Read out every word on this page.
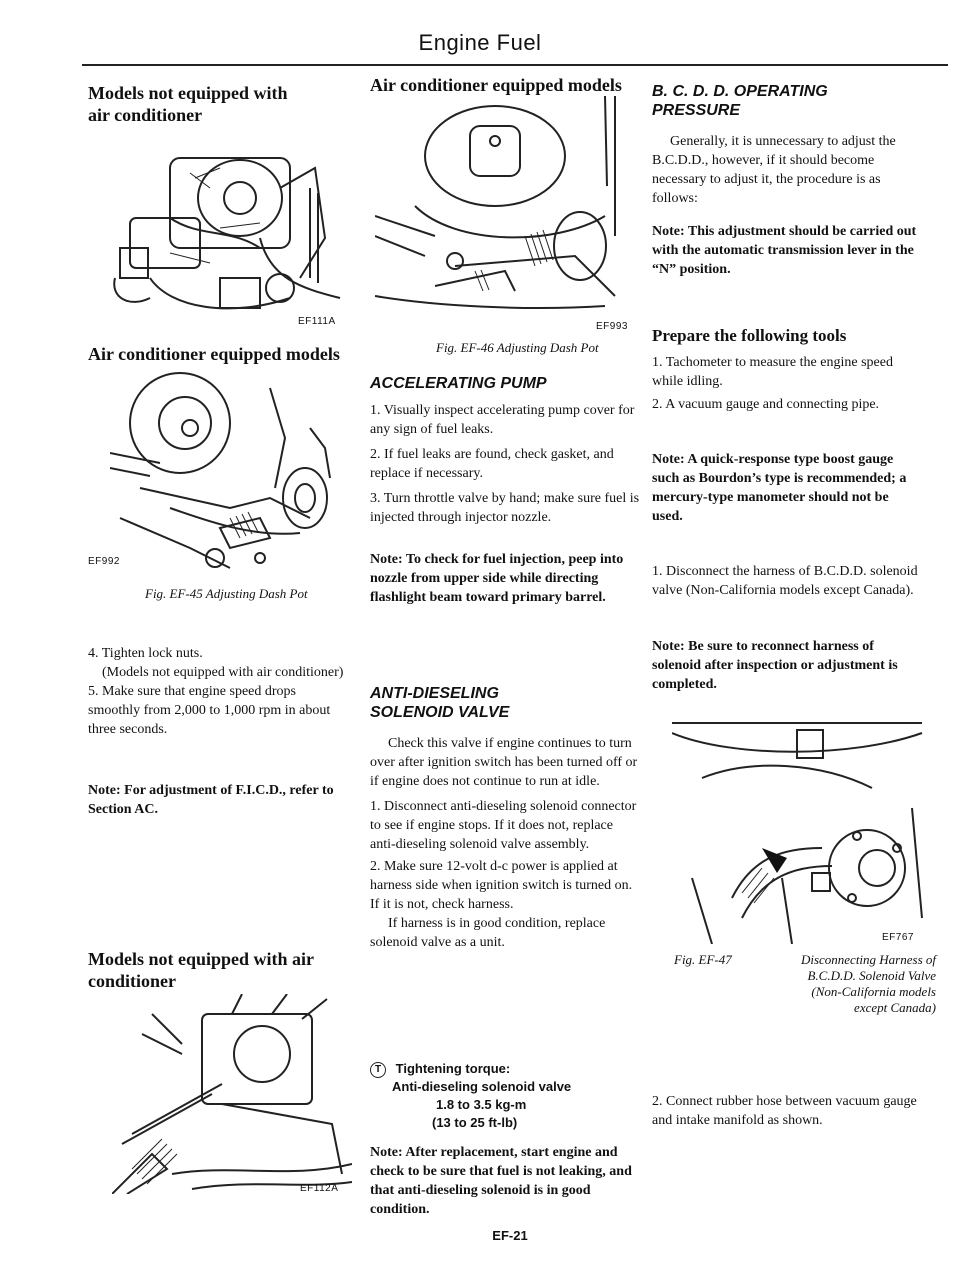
Engine Fuel
Models not equipped with air conditioner
EF111A
Air conditioner equipped models
EF992
Fig. EF-45 Adjusting Dash Pot
4. Tighten lock nuts.
(Models not equipped with air conditioner)
5. Make sure that engine speed drops smoothly from 2,000 to 1,000 rpm in about three seconds.
Note: For adjustment of F.I.C.D., refer to Section AC.
Models not equipped with air conditioner
EF112A
Air conditioner equipped models
EF993
Fig. EF-46 Adjusting Dash Pot
ACCELERATING PUMP
1. Visually inspect accelerating pump cover for any sign of fuel leaks.
2. If fuel leaks are found, check gasket, and replace if necessary.
3. Turn throttle valve by hand; make sure fuel is injected through injector nozzle.
Note: To check for fuel injection, peep into nozzle from upper side while directing flashlight beam toward primary barrel.
ANTI-DIESELING
SOLENOID VALVE
Check this valve if engine continues to turn over after ignition switch has been turned off or if engine does not continue to run at idle.
1. Disconnect anti-dieseling solenoid connector to see if engine stops. If it does not, replace anti-dieseling solenoid valve assembly.
2. Make sure 12-volt d-c power is applied at harness side when ignition switch is turned on. If it is not, check harness.
If harness is in good condition, replace solenoid valve as a unit.
T Tightening torque:
Anti-dieseling solenoid valve
1.8 to 3.5 kg-m
(13 to 25 ft-lb)
Note: After replacement, start engine and check to be sure that fuel is not leaking, and that anti-dieseling solenoid is in good condition.
EF-21
B. C. D. D. OPERATING
PRESSURE
Generally, it is unnecessary to adjust the B.C.D.D., however, if it should become necessary to adjust it, the procedure is as follows:
Note: This adjustment should be carried out with the automatic transmission lever in the “N” position.
Prepare the following tools
1. Tachometer to measure the engine speed while idling.
2. A vacuum gauge and connecting pipe.
Note: A quick-response type boost gauge such as Bourdon’s type is recommended; a mercury-type manometer should not be used.
1. Disconnect the harness of B.C.D.D. solenoid valve (Non-California models except Canada).
Note: Be sure to reconnect harness of solenoid after inspection or adjustment is completed.
EF767
Fig. EF-47	Disconnecting Harness of
B.C.D.D. Solenoid Valve
(Non-California models
except Canada)
2. Connect rubber hose between vacuum gauge and intake manifold as shown.
